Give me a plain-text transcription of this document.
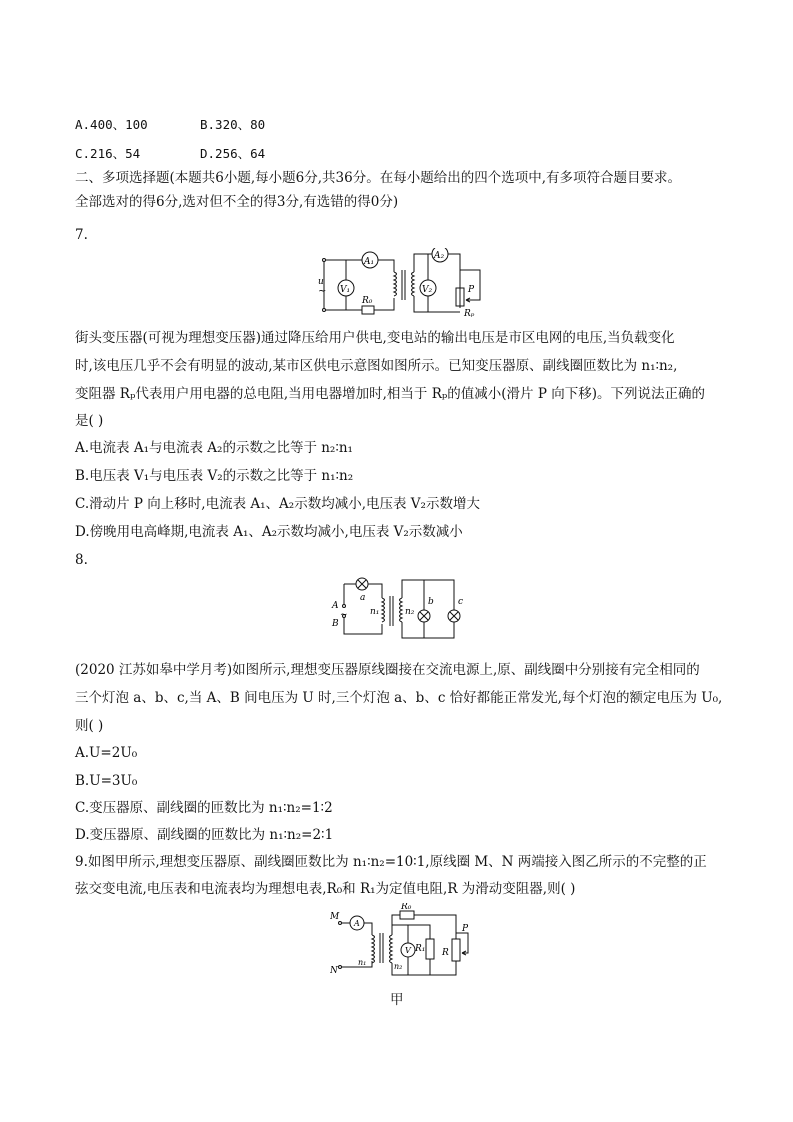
A.400、100	B.320、80
C.216、54	D.256、64
二、多项选择题(本题共6小题,每小题6分,共36分。在每小题给出的四个选项中,有多项符合题目要求。
全部选对的得6分,选对但不全的得3分,有选错的得0分)
7.
A₁
A₂
V₁	V₂
R₀
Rₚ
P
u
~
街头变压器(可视为理想变压器)通过降压给用户供电,变电站的输出电压是市区电网的电压,当负载变化
时,该电压几乎不会有明显的波动,某市区供电示意图如图所示。已知变压器原、副线圈匝数比为 n₁∶n₂,
变阻器 Rₚ代表用户用电器的总电阻,当用电器增加时,相当于 Rₚ的值减小(滑片 P 向下移)。下列说法正确的
是( )
A.电流表 A₁与电流表 A₂的示数之比等于 n₂∶n₁
B.电压表 V₁与电压表 V₂的示数之比等于 n₁∶n₂
C.滑动片 P 向上移时,电流表 A₁、A₂示数均减小,电压表 V₂示数增大
D.傍晚用电高峰期,电流表 A₁、A₂示数均减小,电压表 V₂示数减小
8.
a	b	c
A
B
~ n₁	n₂
(2020 江苏如皋中学月考)如图所示,理想变压器原线圈接在交流电源上,原、副线圈中分别接有完全相同的
三个灯泡 a、b、c,当 A、B 间电压为 U 时,三个灯泡 a、b、c 恰好都能正常发光,每个灯泡的额定电压为 U₀,
则( )
A.U=2U₀
B.U=3U₀
C.变压器原、副线圈的匝数比为 n₁∶n₂=1∶2
D.变压器原、副线圈的匝数比为 n₁∶n₂=2∶1
9.如图甲所示,理想变压器原、副线圈匝数比为 n₁∶n₂=10∶1,原线圈 M、N 两端接入图乙所示的不完整的正
弦交变电流,电压表和电流表均为理想电表,R₀和 R₁为定值电阻,R 为滑动变阻器,则( )
M
N
A
V
R₀
R₁ R
P
n₁	n₂
甲
